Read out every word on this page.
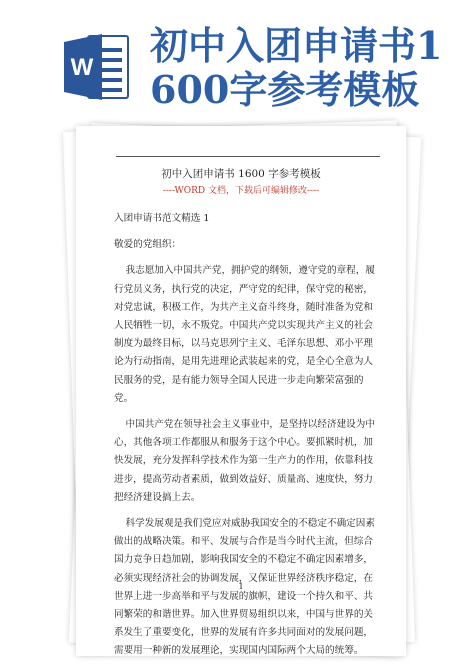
W 初中入团申请书1
600字参考模板
初中入团申请书 1600 字参考模板
----WORD 文档，下载后可编辑修改----

入团申请书范文精选 1

敬爱的党组织：

我志愿加入中国共产党，拥护党的纲领，遵守党的章程，履行党员义务，执行党的决定，严守党的纪律，保守党的秘密，对党忠诚，积极工作，为共产主义奋斗终身，随时准备为党和人民牺牲一切，永不叛党。中国共产党以实现共产主义的社会制度为最终目标，以马克思列宁主义、毛泽东思想、邓小平理论为行动指南，是用先进理论武装起来的党，是全心全意为人民服务的党，是有能力领导全国人民进一步走向繁荣富强的党。

中国共产党在领导社会主义事业中，是坚持以经济建设为中心，其他各项工作都服从和服务于这个中心。要抓紧时机，加快发展，充分发挥科学技术作为第一生产力的作用，依靠科技进步，提高劳动者素质，做到效益好、质量高、速度快，努力把经济建设搞上去。

科学发展观是我们党应对威胁我国安全的不稳定不确定因素做出的战略决策。和平、发展与合作是当今时代主流，但综合国力竞争日趋加剧，影响我国安全的不稳定不确定因素增多，必须实现经济社会的协调发展，又保证世界经济秩序稳定，在世界上进一步高举和平与发展的旗帜，建设一个持久和平、共同繁荣的和谐世界。加入世界贸易组织以来，中国与世界的关系发生了重要变化，世界的发展有许多共同面对的发展问题，需要用一种新的发展理论，实现国内国际两个大局的统筹。

1
